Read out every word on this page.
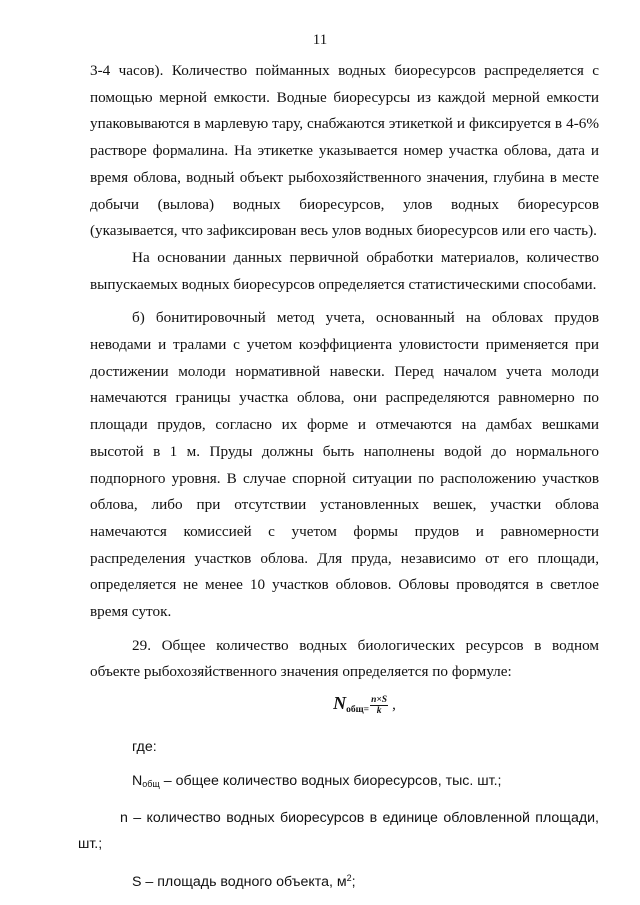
11

3-4 часов). Количество пойманных водных биоресурсов распределяется с помощью мерной емкости. Водные биоресурсы из каждой мерной емкости упаковываются в марлевую тару, снабжаются этикеткой и фиксируется в 4-6% растворе формалина. На этикетке указывается номер участка облова, дата и время облова, водный объект рыбохозяйственного значения, глубина в месте добычи (вылова) водных биоресурсов, улов водных биоресурсов (указывается, что зафиксирован весь улов водных биоресурсов или его часть).

На основании данных первичной обработки материалов, количество выпускаемых водных биоресурсов определяется статистическими способами.

б) бонитировочный метод учета, основанный на обловах прудов неводами и тралами с учетом коэффициента уловистости применяется при достижении молоди нормативной навески. Перед началом учета молоди намечаются границы участка облова, они распределяются равномерно по площади прудов, согласно их форме и отмечаются на дамбах вешками высотой в 1 м. Пруды должны быть наполнены водой до нормального подпорного уровня. В случае спорной ситуации по расположению участков облова, либо при отсутствии установленных вешек, участки облова намечаются комиссией с учетом формы прудов и равномерности распределения участков облова. Для пруда, независимо от его площади, определяется не менее 10 участков обловов. Обловы проводятся в светлое время суток.

29. Общее количество водных биологических ресурсов в водном объекте рыбохозяйственного значения определяется по формуле:

$N_{общ=} \frac{n\times S}{k}$ ,

где:

Nобщ – общее количество водных биоресурсов, тыс. шт.;

n – количество водных биоресурсов в единице обловленной площади, шт.;

S – площадь водного объекта, $м^2$;
